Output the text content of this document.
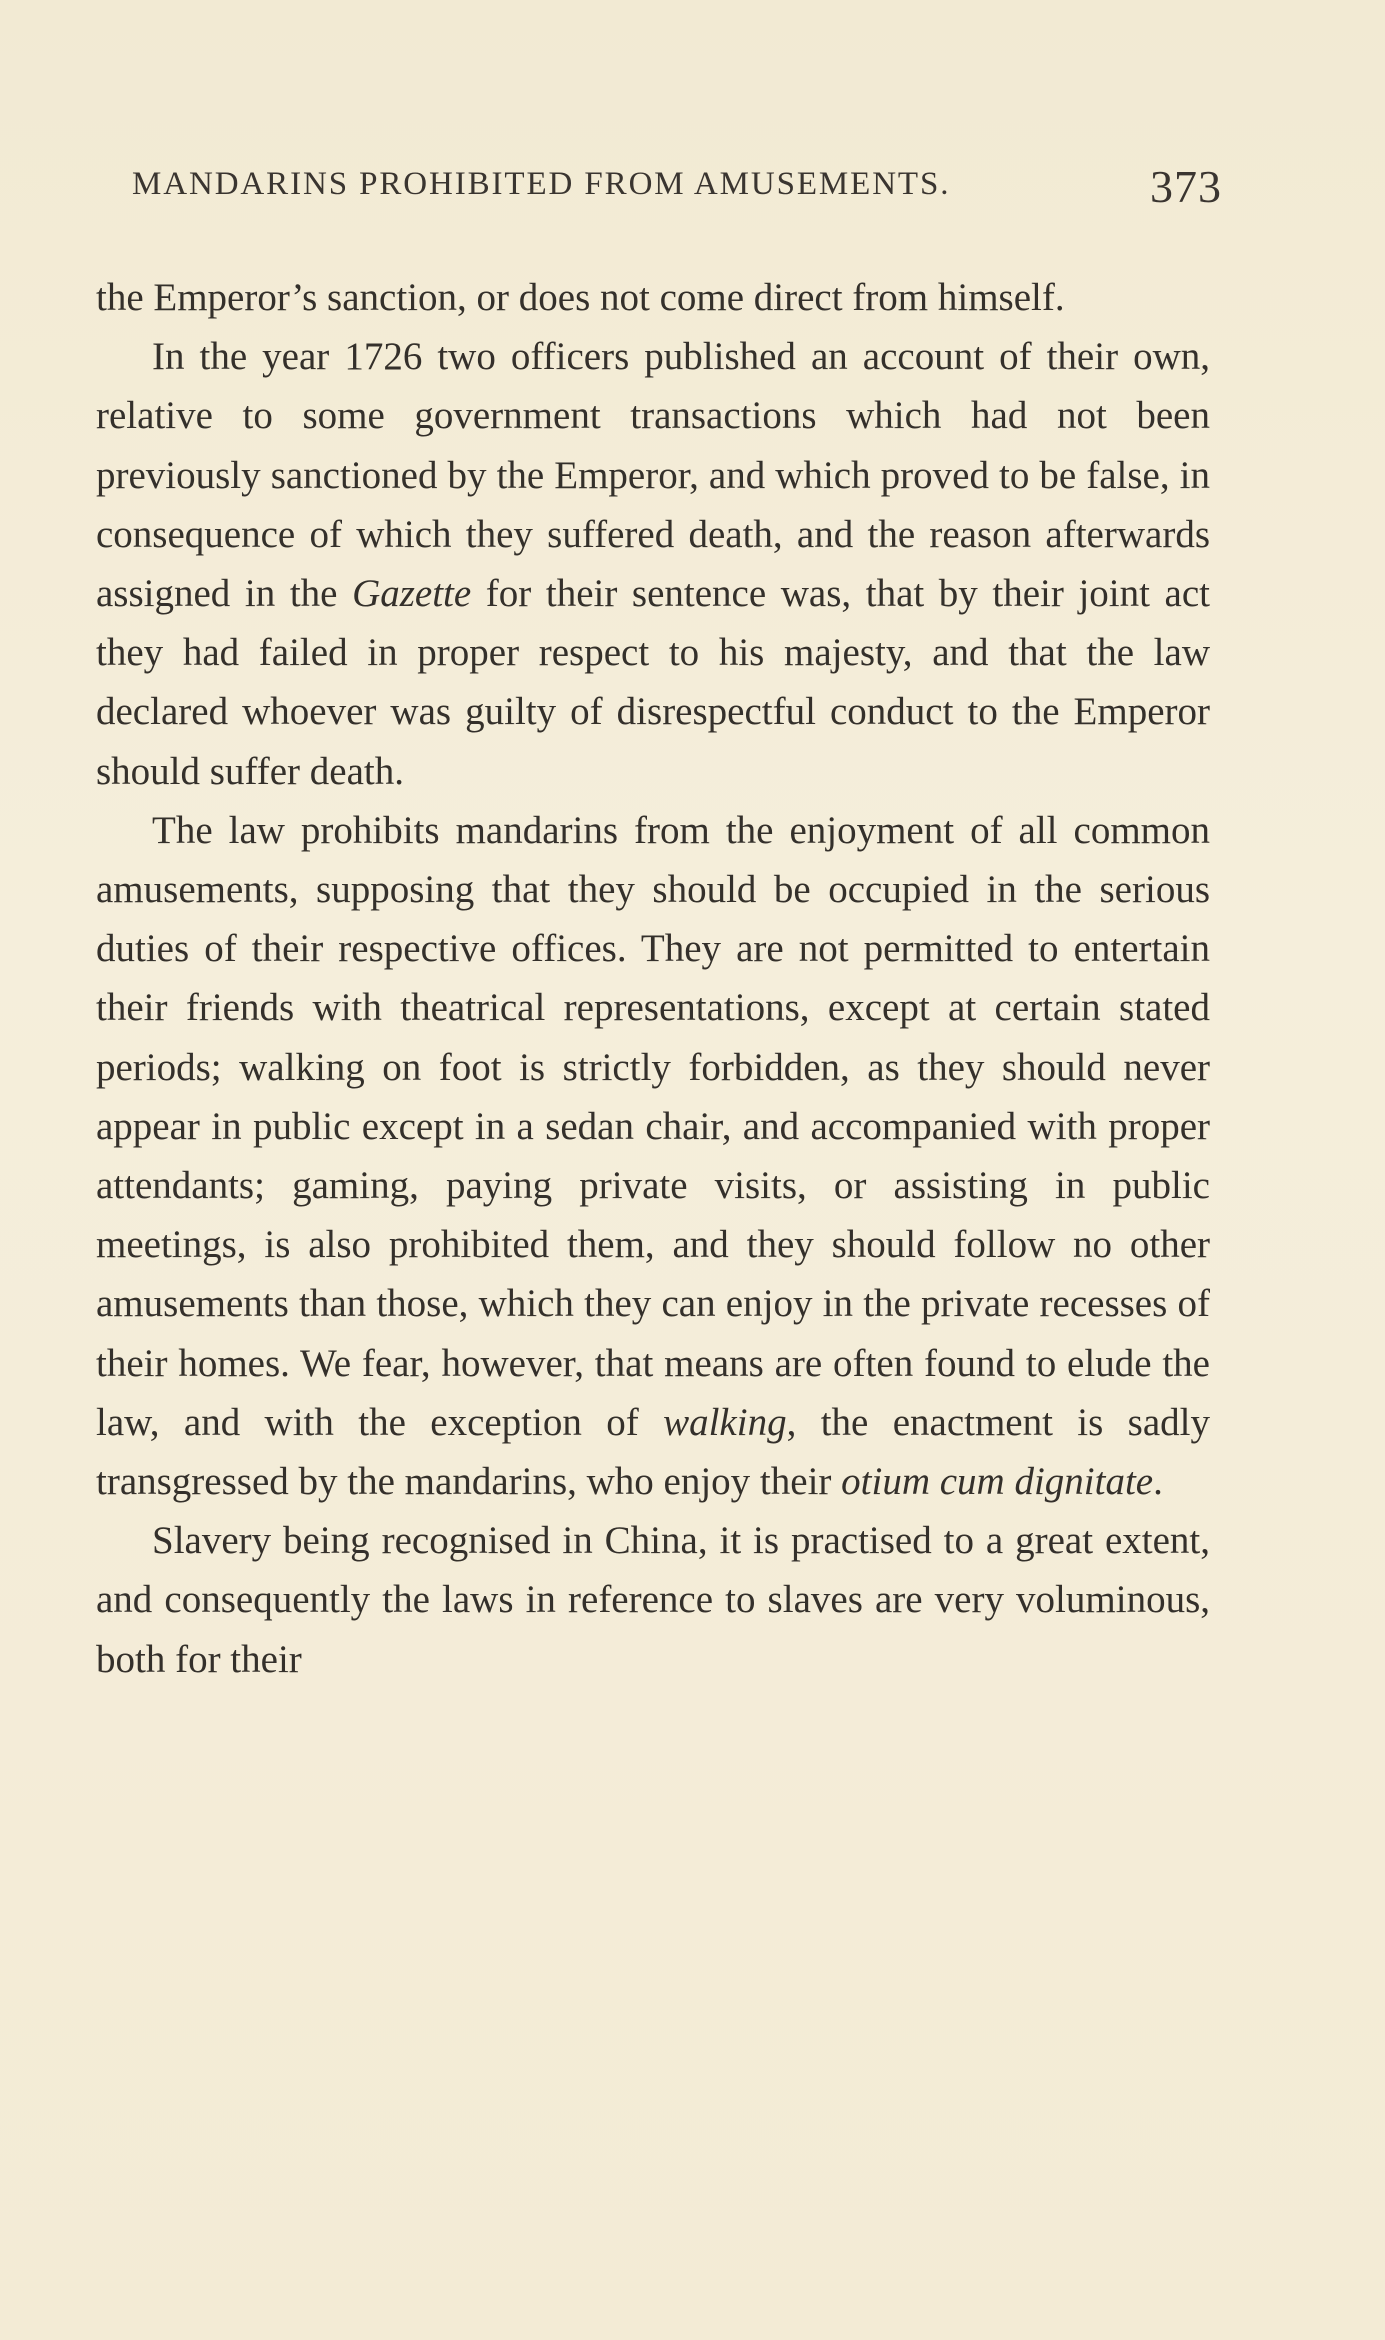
MANDARINS PROHIBITED FROM AMUSEMENTS.	373

the Emperor’s sanction, or does not come direct from himself.

In the year 1726 two officers published an account of their own, relative to some government transactions which had not been previously sanctioned by the Emperor, and which proved to be false, in consequence of which they suffered death, and the reason afterwards assigned in the Gazette for their sentence was, that by their joint act they had failed in proper respect to his majesty, and that the law declared whoever was guilty of disrespectful conduct to the Emperor should suffer death.

The law prohibits mandarins from the enjoyment of all common amusements, supposing that they should be occupied in the serious duties of their respective offices. They are not permitted to entertain their friends with theatrical representations, except at certain stated periods; walking on foot is strictly forbidden, as they should never appear in public except in a sedan chair, and accompanied with proper attendants; gaming, paying private visits, or assisting in public meetings, is also prohibited them, and they should follow no other amusements than those, which they can enjoy in the private recesses of their homes. We fear, however, that means are often found to elude the law, and with the exception of walking, the enactment is sadly transgressed by the mandarins, who enjoy their otium cum dignitate.

Slavery being recognised in China, it is practised to a great extent, and consequently the laws in reference to slaves are very voluminous, both for their
